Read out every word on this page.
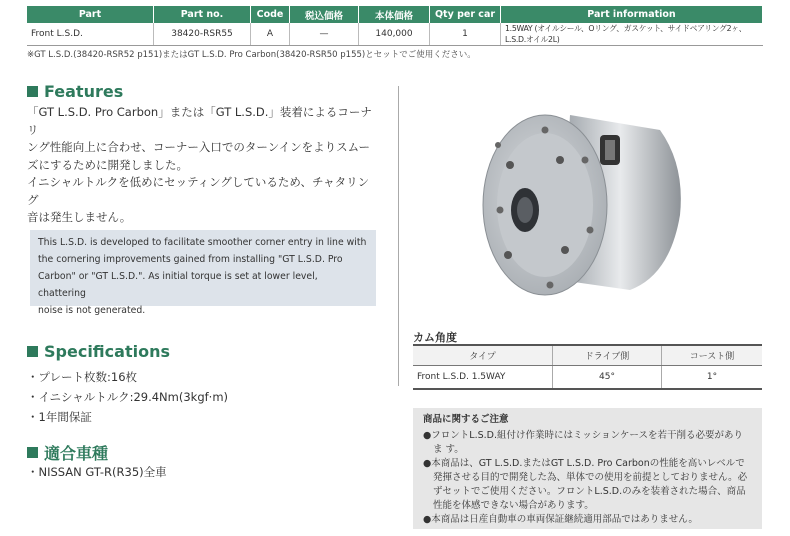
Part	Part no.	Code	税込価格	本体価格	Qty per car	Part information
Front L.S.D.	38420-RSR55	A	—	140,000	1	1.5WAY (オイルシール、Oリング、ガスケット、サイドベアリング2ヶ、L.S.D.オイル2L)
※GT L.S.D.(38420-RSR52 p151)またはGT L.S.D. Pro Carbon(38420-RSR50 p155)とセットでご使用ください。
Features
「GT L.S.D. Pro Carbon」または「GT L.S.D.」装着によるコーナリ
ング性能向上に合わせ、コーナー入口でのターンインをよりスムー
ズにするために開発しました。
イニシャルトルクを低めにセッティングしているため、チャタリング
音は発生しません。
This L.S.D. is developed to facilitate smoother corner entry in line with
the cornering improvements gained from installing "GT L.S.D. Pro
Carbon" or "GT L.S.D.". As initial torque is set at lower level, chattering
noise is not generated.
Specifications
・プレート枚数:16枚
・イニシャルトルク:29.4Nm(3kgf·m)
・1年間保証
適合車種
・NISSAN GT-R(R35)全車
カム角度
タイプ	ドライブ側	コースト側
Front L.S.D. 1.5WAY	45°	1°
商品に関するご注意
●フロントL.S.D.組付け作業時にはミッションケースを若干削る必要がありま す。
●本商品は、GT L.S.D.またはGT L.S.D. Pro Carbonの性能を高いレベルで発揮させる目的で開発した為、単体での使用を前提としておりません。必ずセットでご使用ください。フロントL.S.D.のみを装着された場合、商品性能を体感できない場合があります。
●本商品は日産自動車の車両保証継続適用部品ではありません。
